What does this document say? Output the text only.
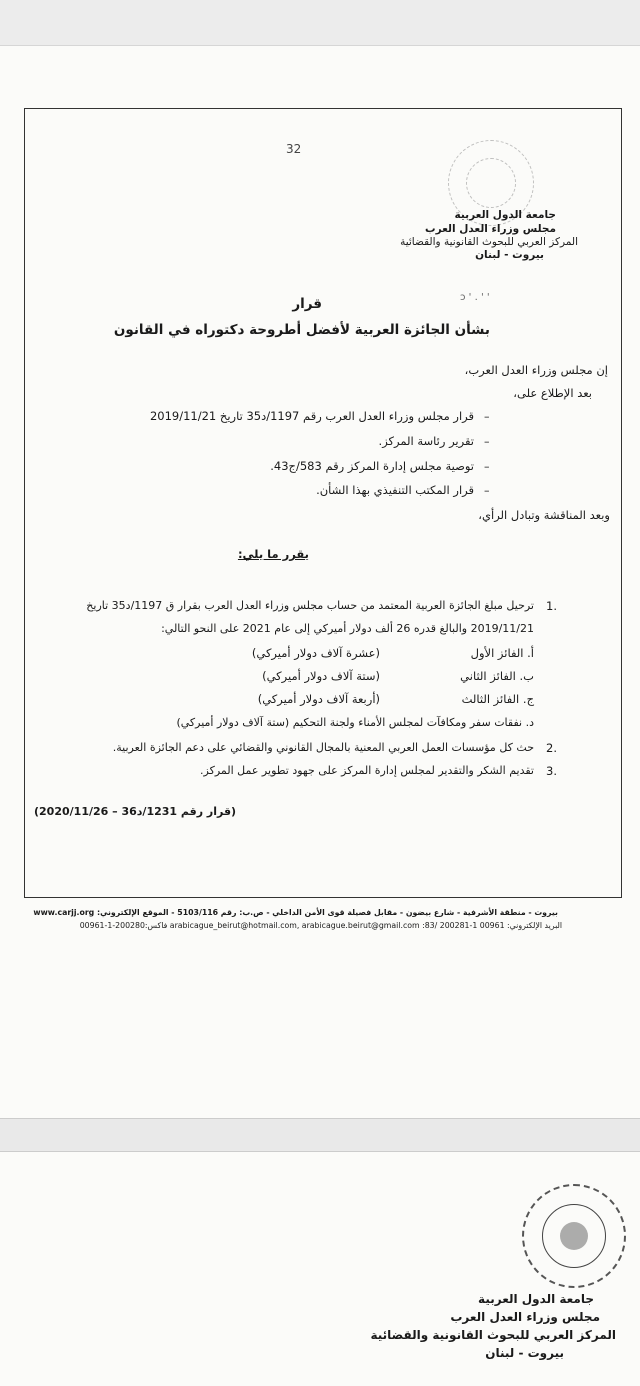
32
جامعة الدول العربية
مجلس وزراء العدل العرب
المركز العربي للبحوث القانونية والقضائية
بيروت - لبنان
' ' . ' ɔ
قرار
بشأن الجائزة العربية لأفضل أطروحة دكتوراه في القانون
إن مجلس وزراء العدل العرب،
بعد الإطلاع على،
–
قرار مجلس وزراء العدل العرب رقم 1197/د35 تاريخ 2019/11/21
–
تقرير رئاسة المركز.
–
توصية مجلس إدارة المركز رقم 583/ج43.
–
قرار المكتب التنفيذي بهذا الشأن.
وبعد المناقشة وتبادل الرأي،
يقرر ما يلي:
1.
ترحيل مبلغ الجائزة العربية المعتمد من حساب مجلس وزراء العدل العرب بقرار ق 1197/د35 تاريخ
2019/11/21 والبالغ قدره 26 ألف دولار أميركي إلى عام 2021 على النحو التالي:
أ. الفائز الأول
(عشرة آلاف دولار أميركي)
ب. الفائز الثاني
(ستة آلاف دولار أميركي)
ج. الفائز الثالث
(أربعة آلاف دولار أميركي)
د. نفقات سفر ومكافآت لمجلس الأمناء ولجنة التحكيم (ستة آلاف دولار أميركي)
2.
حث كل مؤسسات العمل العربي المعنية بالمجال القانوني والقضائي على دعم الجائزة العربية.
3.
تقديم الشكر والتقدير لمجلس إدارة المركز على جهود تطوير عمل المركز.
(قرار رقم 1231/د36 – 2020/11/26)
بيروت - منطقة الأشرفية - شارع بيضون - مقابل فصيلة قوى الأمن الداخلي - ص.ب: رقم 5103/116 - الموقع الإلكتروني: www.carjj.org
البريد الإلكتروني: arabicague_beirut@hotmail.com, arabicague.beirut@gmail.com :83/ 200281-1 00961 فاكس:200280-1-00961
جامعة الدول العربية
مجلس وزراء العدل العرب
المركز العربي للبحوث القانونية والقضائية
بيروت - لبنان
